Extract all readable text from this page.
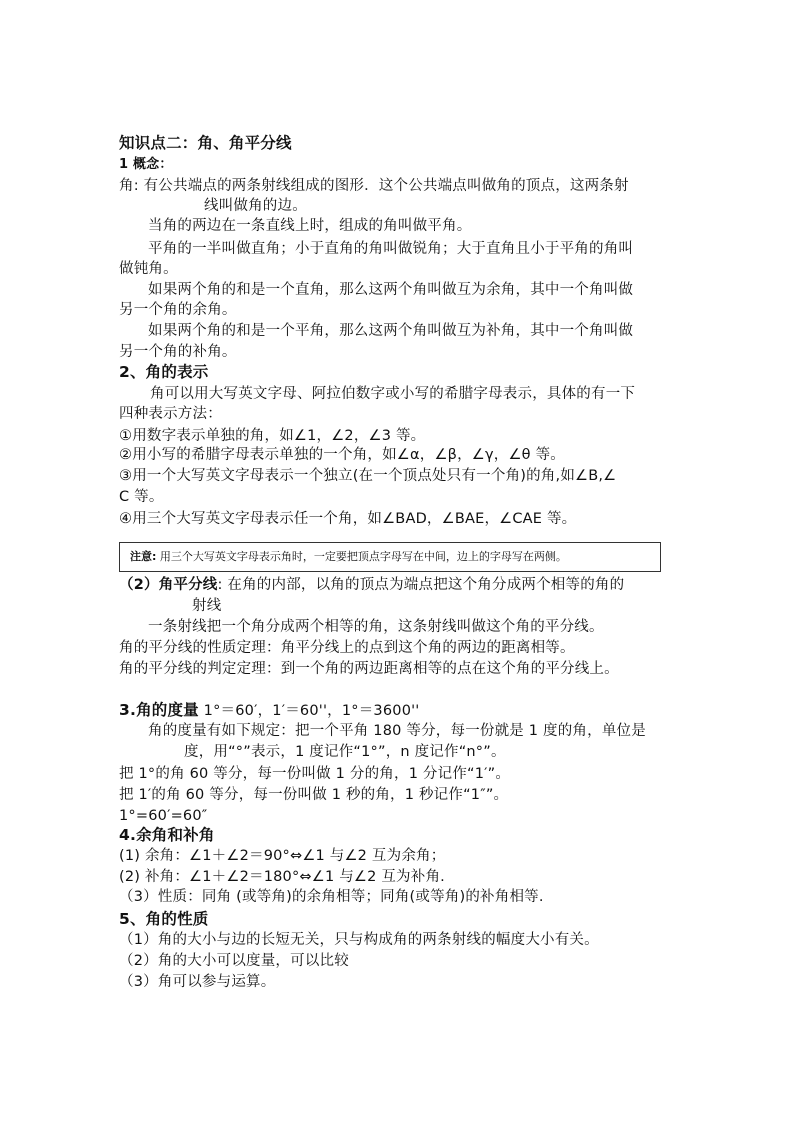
知识点二：角、角平分线
1 概念：
角: 有公共端点的两条射线组成的图形．这个公共端点叫做角的顶点，这两条射
线叫做角的边。
当角的两边在一条直线上时，组成的角叫做平角。
平角的一半叫做直角；小于直角的角叫做锐角；大于直角且小于平角的角叫
做钝角。
如果两个角的和是一个直角，那么这两个角叫做互为余角，其中一个角叫做
另一个角的余角。
如果两个角的和是一个平角，那么这两个角叫做互为补角，其中一个角叫做
另一个角的补角。
2、角的表示
角可以用大写英文字母、阿拉伯数字或小写的希腊字母表示，具体的有一下
四种表示方法：
①用数字表示单独的角，如∠1，∠2，∠3 等。
②用小写的希腊字母表示单独的一个角，如∠α，∠β，∠γ，∠θ 等。
③用一个大写英文字母表示一个独立(在一个顶点处只有一个角)的角,如∠B,∠
C 等。
④用三个大写英文字母表示任一个角，如∠BAD，∠BAE，∠CAE 等。
注意: 用三个大写英文字母表示角时，一定要把顶点字母写在中间，边上的字母写在两侧。
（2）角平分线: 在角的内部，以角的顶点为端点把这个角分成两个相等的角的
射线
一条射线把一个角分成两个相等的角，这条射线叫做这个角的平分线。
角的平分线的性质定理：角平分线上的点到这个角的两边的距离相等。
角的平分线的判定定理：到一个角的两边距离相等的点在这个角的平分线上。
3.角的度量 1°＝60′，1′＝60''，1°＝3600''
角的度量有如下规定：把一个平角 180 等分，每一份就是 1 度的角，单位是
度，用“°”表示，1 度记作“1°”，n 度记作“n°”。
把 1°的角 60 等分，每一份叫做 1 分的角，1 分记作“1′”。
把 1′的角 60 等分，每一份叫做 1 秒的角，1 秒记作“1″”。
1°=60′=60″
4.余角和补角
(1) 余角：∠1＋∠2＝90°⇔∠1 与∠2 互为余角；
(2) 补角：∠1＋∠2＝180°⇔∠1 与∠2 互为补角.
（3）性质：同角 (或等角)的余角相等；同角(或等角)的补角相等.
5、角的性质
（1）角的大小与边的长短无关，只与构成角的两条射线的幅度大小有关。
（2）角的大小可以度量，可以比较
（3）角可以参与运算。
